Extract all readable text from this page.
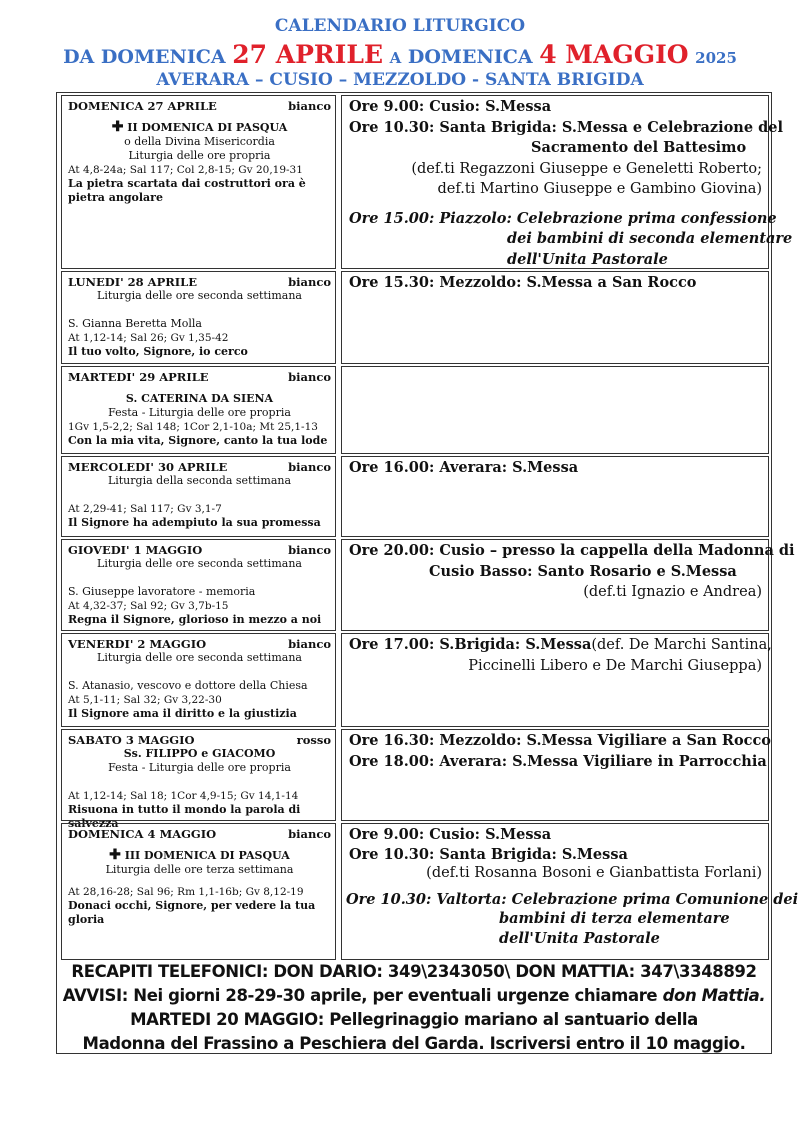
CALENDARIO LITURGICO
DA DOMENICA 27 APRILE A DOMENICA 4 MAGGIO 2025
AVERARA – CUSIO – MEZZOLDO - SANTA BRIGIDA
DOMENICA 27 APRILE	bianco
✚ II DOMENICA DI PASQUA
o della Divina Misericordia
Liturgia delle ore propria
At 4,8-24a; Sal 117; Col 2,8-15; Gv 20,19-31
La pietra scartata dai costruttori ora è pietra angolare
Ore 9.00: Cusio: S.Messa
Ore 10.30: Santa Brigida: S.Messa e Celebrazione del
Sacramento del Battesimo
(def.ti Regazzoni Giuseppe e Geneletti Roberto;
def.ti Martino Giuseppe e Gambino Giovina)
Ore 15.00: Piazzolo: Celebrazione prima confessione
dei bambini di seconda elementare
dell'Unita Pastorale
LUNEDI' 28 APRILE	bianco
Liturgia delle ore seconda settimana
S. Gianna Beretta Molla
At 1,12-14; Sal 26; Gv 1,35-42
Il tuo volto, Signore, io cerco
Ore 15.30: Mezzoldo: S.Messa a San Rocco
MARTEDI' 29 APRILE	bianco
S. CATERINA DA SIENA
Festa - Liturgia delle ore propria
1Gv 1,5-2,2; Sal 148; 1Cor 2,1-10a; Mt 25,1-13
Con la mia vita, Signore, canto la tua lode
MERCOLEDI' 30 APRILE	bianco
Liturgia della seconda settimana
At 2,29-41; Sal 117; Gv 3,1-7
Il Signore ha adempiuto la sua promessa
Ore 16.00: Averara: S.Messa
GIOVEDI' 1 MAGGIO	bianco
Liturgia delle ore seconda settimana
S. Giuseppe lavoratore - memoria
At 4,32-37; Sal 92; Gv 3,7b-15
Regna il Signore, glorioso in mezzo a noi
Ore 20.00: Cusio – presso la cappella della Madonna di
Cusio Basso: Santo Rosario e S.Messa
(def.ti Ignazio e Andrea)
VENERDI' 2 MAGGIO	bianco
Liturgia delle ore seconda settimana
S. Atanasio, vescovo e dottore della Chiesa
At 5,1-11; Sal 32; Gv 3,22-30
Il Signore ama il diritto e la giustizia
Ore 17.00: S.Brigida: S.Messa (def. De Marchi Santina,
Piccinelli Libero e De Marchi Giuseppa)
SABATO 3 MAGGIO	rosso
Ss. FILIPPO e GIACOMO
Festa - Liturgia delle ore propria
At 1,12-14; Sal 18; 1Cor 4,9-15; Gv 14,1-14
Risuona in tutto il mondo la parola di salvezza
Ore 16.30: Mezzoldo: S.Messa Vigiliare a San Rocco
Ore 18.00: Averara: S.Messa Vigiliare in Parrocchia
DOMENICA 4 MAGGIO	bianco
✚ III DOMENICA DI PASQUA
Liturgia delle ore terza settimana
At 28,16-28; Sal 96; Rm 1,1-16b; Gv 8,12-19
Donaci occhi, Signore, per vedere la tua gloria
Ore 9.00: Cusio: S.Messa
Ore 10.30: Santa Brigida: S.Messa
(def.ti Rosanna Bosoni e Gianbattista Forlani)
Ore 10.30: Valtorta: Celebrazione prima Comunione dei
bambini di terza elementare
dell'Unita Pastorale
RECAPITI TELEFONICI: DON DARIO: 349\2343050\ DON MATTIA: 347\3348892
AVVISI: Nei giorni 28-29-30 aprile, per eventuali urgenze chiamare don Mattia.
MARTEDI 20 MAGGIO: Pellegrinaggio mariano al santuario della
Madonna del Frassino a Peschiera del Garda. Iscriversi entro il 10 maggio.
